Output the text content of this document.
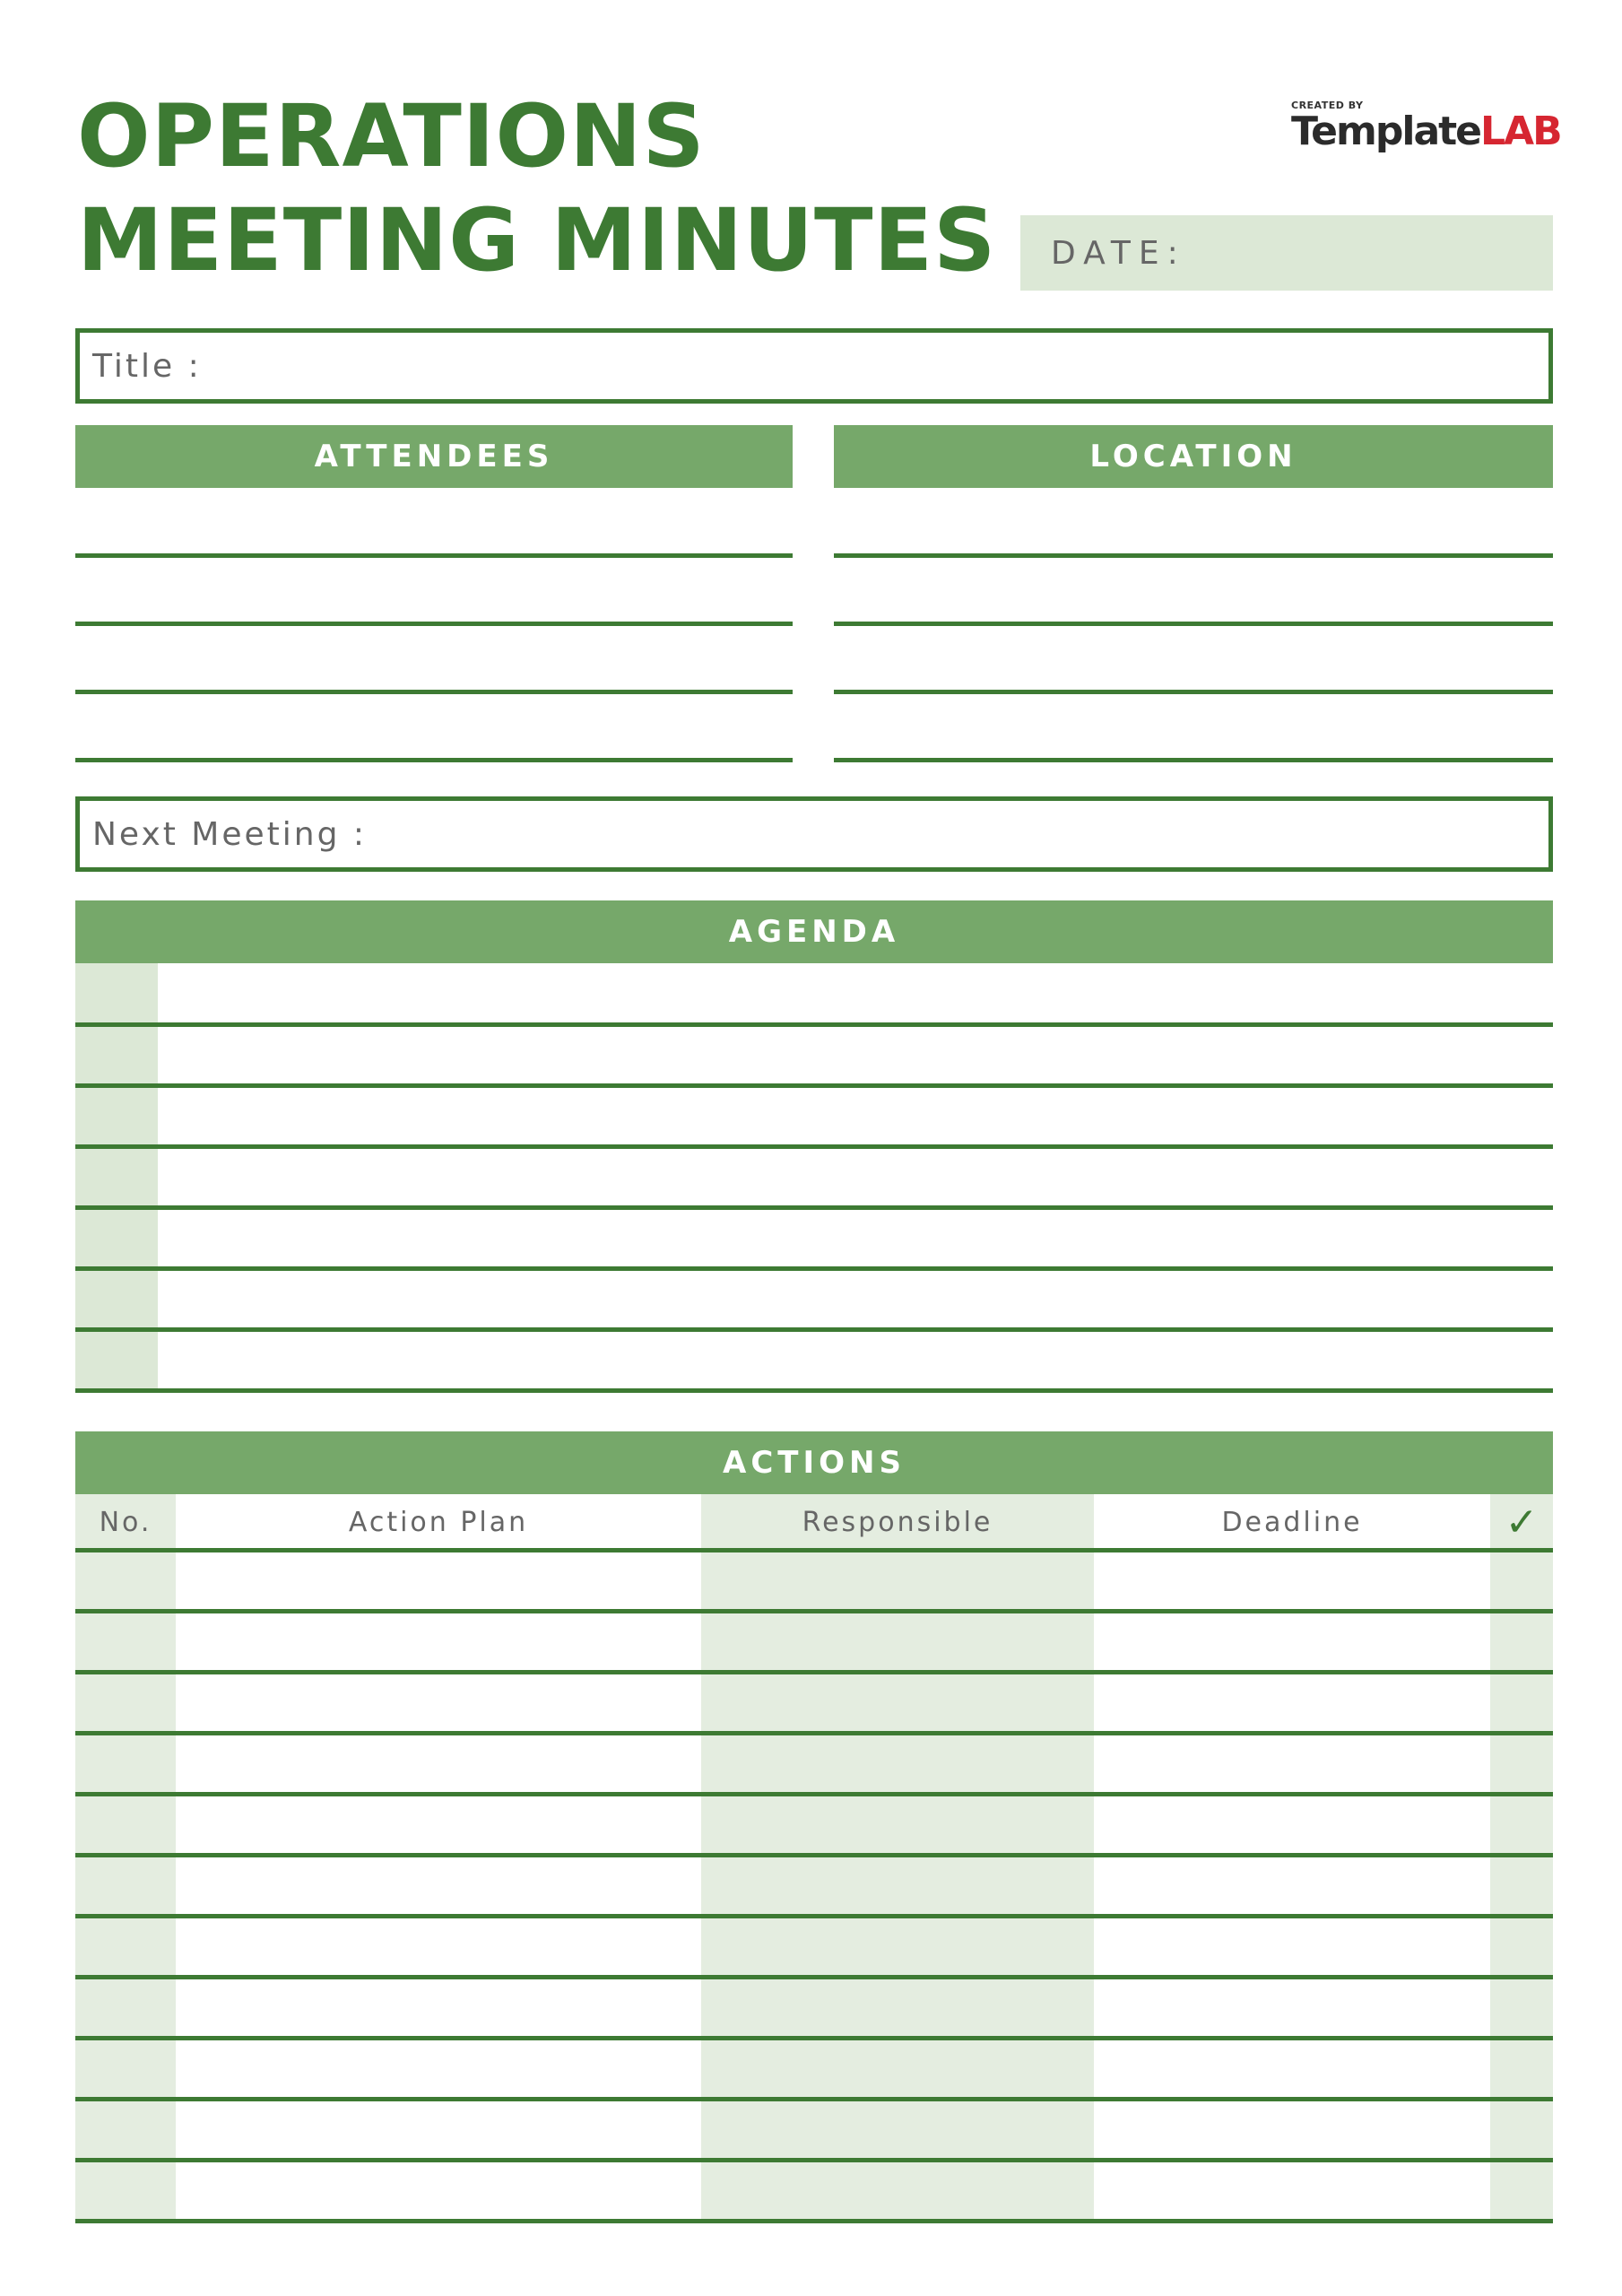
OPERATIONS
MEETING MINUTES
CREATED BY
TemplateLAB
DATE:
Title :
ATTENDEES	LOCATION
Next Meeting :
AGENDA
ACTIONS
No.	Action Plan	Responsible	Deadline	✓
